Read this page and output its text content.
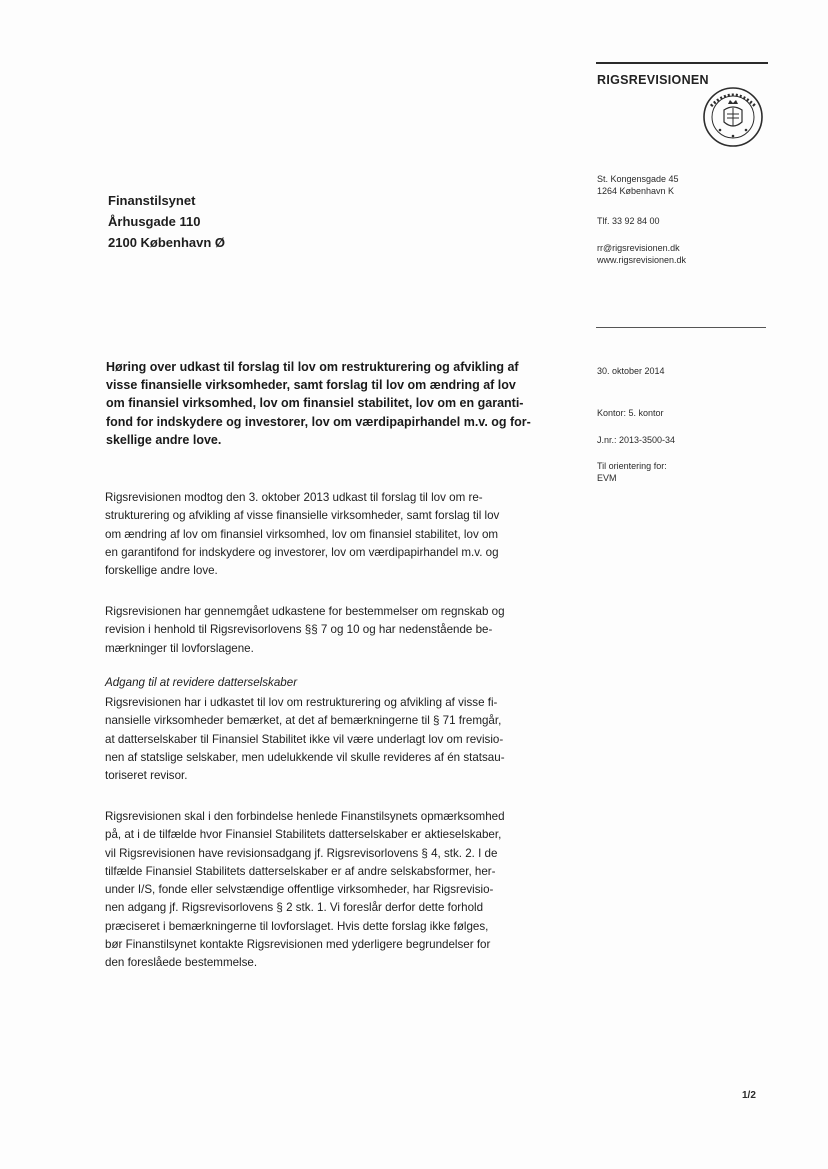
RIGSREVISIONEN
St. Kongensgade 45
1264 København K
Tlf. 33 92 84 00
rr@rigsrevisionen.dk
www.rigsrevisionen.dk
Finanstilsynet
Århusgade 110
2100 København Ø
30. oktober 2014
Kontor: 5. kontor
J.nr.: 2013-3500-34
Til orientering for:
EVM
Høring over udkast til forslag til lov om restrukturering og afvikling af
visse finansielle virksomheder, samt forslag til lov om ændring af lov
om finansiel virksomhed, lov om finansiel stabilitet, lov om en garanti-
fond for indskydere og investorer, lov om værdipapirhandel m.v. og for-
skellige andre love.
Rigsrevisionen modtog den 3. oktober 2013 udkast til forslag til lov om re-
strukturering og afvikling af visse finansielle virksomheder, samt forslag til lov
om ændring af lov om finansiel virksomhed, lov om finansiel stabilitet, lov om
en garantifond for indskydere og investorer, lov om værdipapirhandel m.v. og
forskellige andre love.
Rigsrevisionen har gennemgået udkastene for bestemmelser om regnskab og
revision i henhold til Rigsrevisorlovens §§ 7 og 10 og har nedenstående be-
mærkninger til lovforslagene.
Adgang til at revidere datterselskaber
Rigsrevisionen har i udkastet til lov om restrukturering og afvikling af visse fi-
nansielle virksomheder bemærket, at det af bemærkningerne til § 71 fremgår,
at datterselskaber til Finansiel Stabilitet ikke vil være underlagt lov om revisio-
nen af statslige selskaber, men udelukkende vil skulle revideres af én statsau-
toriseret revisor.
Rigsrevisionen skal i den forbindelse henlede Finanstilsynets opmærksomhed
på, at i de tilfælde hvor Finansiel Stabilitets datterselskaber er aktieselskaber,
vil Rigsrevisionen have revisionsadgang jf. Rigsrevisorlovens § 4, stk. 2. I de
tilfælde Finansiel Stabilitets datterselskaber er af andre selskabsformer, her-
under I/S, fonde eller selvstændige offentlige virksomheder, har Rigsrevisio-
nen adgang jf. Rigsrevisorlovens § 2 stk. 1. Vi foreslår derfor dette forhold
præciseret i bemærkningerne til lovforslaget. Hvis dette forslag ikke følges,
bør Finanstilsynet kontakte Rigsrevisionen med yderligere begrundelser for
den foreslåede bestemmelse.
1/2
